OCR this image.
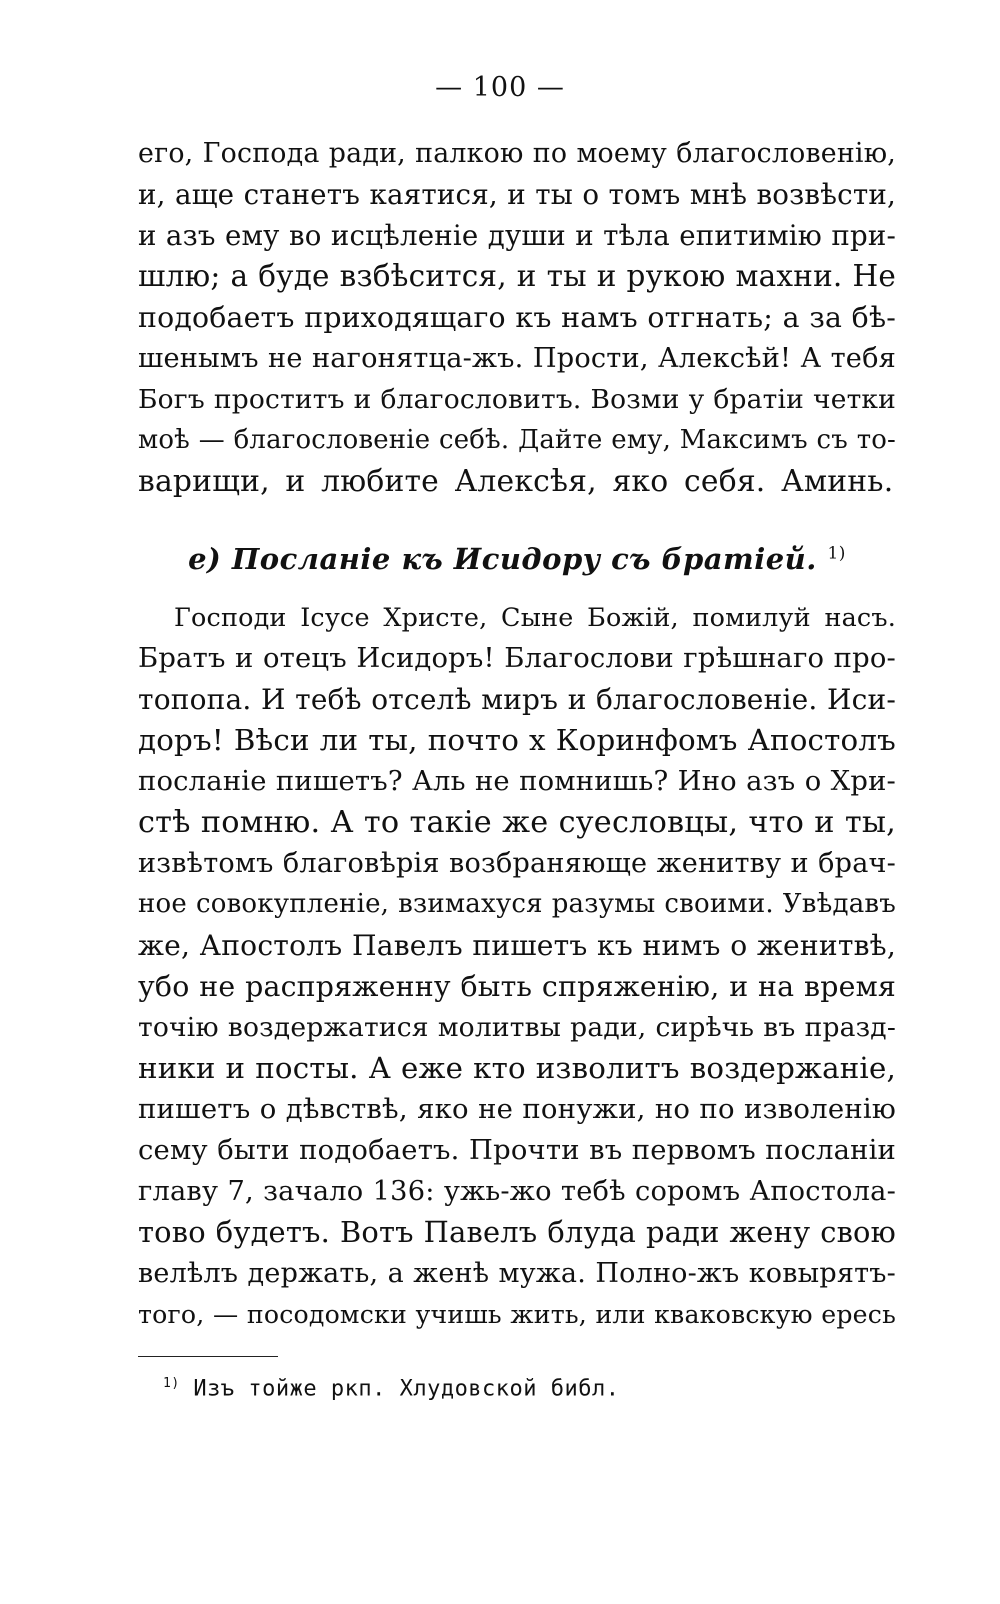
— 100 —
его, Господа ради, палкою по моему благословенію,
и, аще станетъ каятися, и ты о томъ мнѣ возвѣсти,
и азъ ему во исцѣленіе души и тѣла епитимію при-
шлю; а буде взбѣсится, и ты и рукою махни. Не
подобаетъ приходящаго къ намъ отгнать; а за бѣ-
шенымъ не нагонятца-жъ. Прости, Алексѣй! А тебя
Богъ проститъ и благословитъ. Возми у братіи четки
моѣ — благословеніе себѣ. Дайте ему, Максимъ съ то-
варищи, и любите Алексѣя, яко себя. Аминь.
е) Посланіе къ Исидору съ братіей. $^{1)}$
Господи Ісусе Христе, Сыне Божій, помилуй насъ.
Братъ и отецъ Исидоръ! Благослови грѣшнаго про-
топопа. И тебѣ отселѣ миръ и благословеніе. Иси-
доръ! Вѣси ли ты, почто х Коринфомъ Апостолъ
посланіе пишетъ? Аль не помнишь? Ино азъ о Хри-
стѣ помню. А то такіе же суесловцы, что и ты,
извѣтомъ благовѣрія возбраняюще женитву и брач-
ное совокупленіе, взимахуся разумы своими. Увѣдавъ
же, Апостолъ Павелъ пишетъ къ нимъ о женитвѣ,
убо не распряженну быть спряженію, и на время
точію воздержатися молитвы ради, сирѣчь въ празд-
ники и посты. А еже кто изволитъ воздержаніе,
пишетъ о дѣвствѣ, яко не понужи, но по изволенію
сему быти подобаетъ. Прочти въ первомъ посланіи
главу 7, зачало 136: ужь-жо тебѣ соромъ Апостола-
тово будетъ. Вотъ Павелъ блуда ради жену свою
велѣлъ держать, а женѣ мужа. Полно-жъ ковырятъ-
того, — посодомски учишь жить, или кваковскую ересь
$^{1)}$ Изъ тойже ркп. Хлудовской библ.
